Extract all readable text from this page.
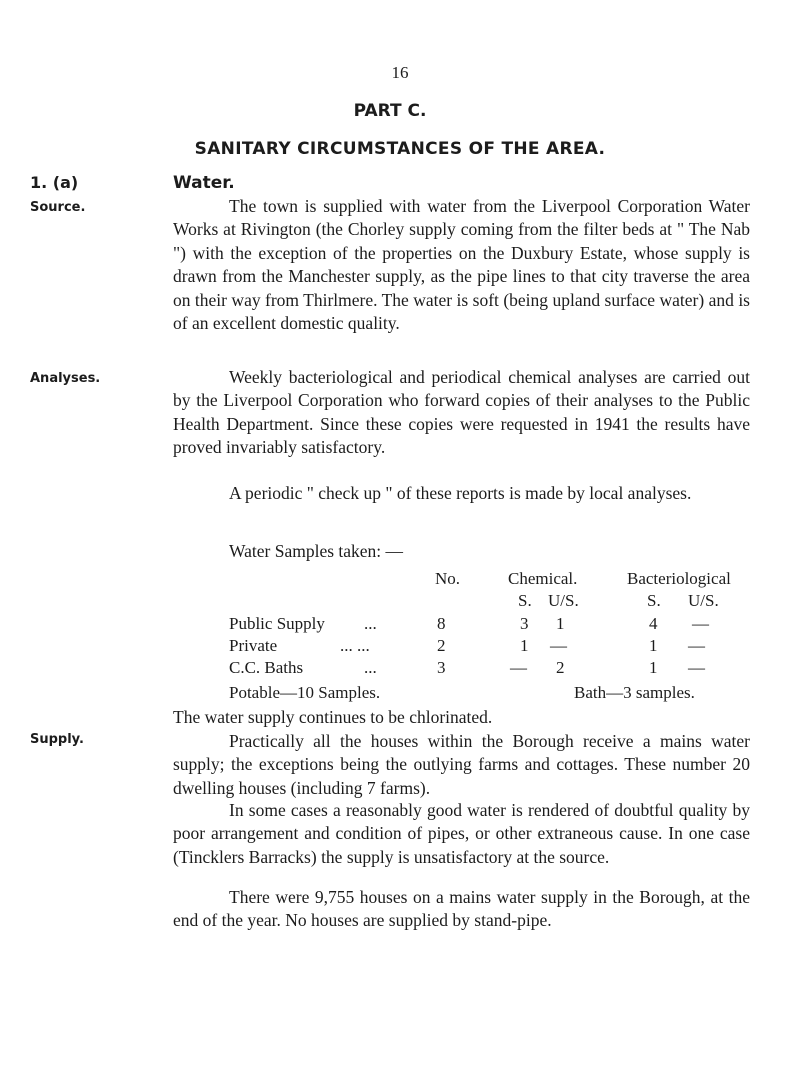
16
PART C.
SANITARY CIRCUMSTANCES OF THE AREA.
1. (a)	Water.
Source.
Analyses.
Supply.

The town is supplied with water from the Liverpool Corporation Water Works at Rivington (the Chorley supply coming from the filter beds at " The Nab ") with the exception of the properties on the Duxbury Estate, whose supply is drawn from the Manchester supply, as the pipe lines to that city traverse the area on their way from Thirlmere. The water is soft (being upland surface water) and is of an excellent domestic quality.

Weekly bacteriological and periodical chemical analyses are carried out by the Liverpool Corporation who forward copies of their analyses to the Public Health Department. Since these copies were requested in 1941 the results have proved invariably satisfactory.

A periodic " check up " of these reports is made by local analyses.

Water Samples taken: —
No.	Chemical.	Bacteriological
S. U/S.	S. U/S.
Public Supply ...	8	3 1	4 —
Private	... ...	2	1 —	1 —
C.C. Baths	...	3	— 2	1 —
Potable—10 Samples.	Bath—3 samples.
The water supply continues to be chlorinated.

Practically all the houses within the Borough receive a mains water supply; the exceptions being the outlying farms and cottages. These number 20 dwelling houses (including 7 farms).

In some cases a reasonably good water is rendered of doubtful quality by poor arrangement and condition of pipes, or other extraneous cause. In one case (Tincklers Barracks) the supply is unsatisfactory at the source.

There were 9,755 houses on a mains water supply in the Borough, at the end of the year. No houses are supplied by stand-pipe.
